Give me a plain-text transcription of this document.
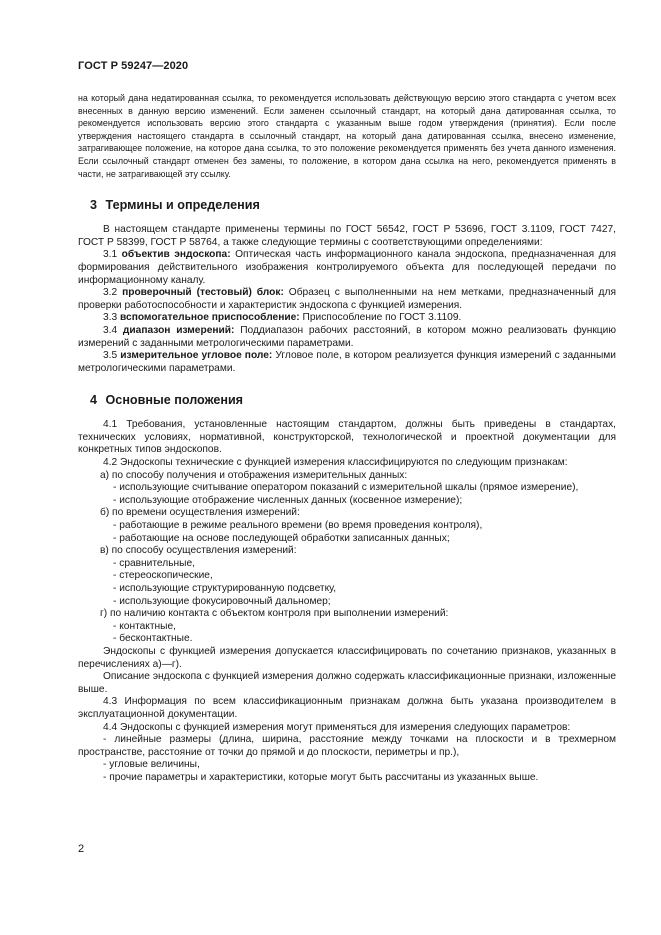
ГОСТ Р 59247—2020

на который дана недатированная ссылка, то рекомендуется использовать действующую версию этого стандарта с учетом всех внесенных в данную версию изменений. Если заменен ссылочный стандарт, на который дана датированная ссылка, то рекомендуется использовать версию этого стандарта с указанным выше годом утверждения (принятия). Если после утверждения настоящего стандарта в ссылочный стандарт, на который дана датированная ссылка, внесено изменение, затрагивающее положение, на которое дана ссылка, то это положение рекомендуется применять без учета данного изменения. Если ссылочный стандарт отменен без замены, то положение, в котором дана ссылка на него, рекомендуется применять в части, не затрагивающей эту ссылку.

3 Термины и определения

В настоящем стандарте применены термины по ГОСТ 56542, ГОСТ Р 53696, ГОСТ 3.1109, ГОСТ 7427, ГОСТ Р 58399, ГОСТ Р 58764, а также следующие термины с соответствующими определениями:

3.1 объектив эндоскопа: Оптическая часть информационного канала эндоскопа, предназначенная для формирования действительного изображения контролируемого объекта для последующей передачи по информационному каналу.

3.2 проверочный (тестовый) блок: Образец с выполненными на нем метками, предназначенный для проверки работоспособности и характеристик эндоскопа с функцией измерения.

3.3 вспомогательное приспособление: Приспособление по ГОСТ 3.1109.

3.4 диапазон измерений: Поддиапазон рабочих расстояний, в котором можно реализовать функцию измерений с заданными метрологическими параметрами.

3.5 измерительное угловое поле: Угловое поле, в котором реализуется функция измерений с заданными метрологическими параметрами.

4 Основные положения

4.1 Требования, установленные настоящим стандартом, должны быть приведены в стандартах, технических условиях, нормативной, конструкторской, технологической и проектной документации для конкретных типов эндоскопов.

4.2 Эндоскопы технические с функцией измерения классифицируются по следующим признакам:

а) по способу получения и отображения измерительных данных:

- использующие считывание оператором показаний с измерительной шкалы (прямое измерение),

- использующие отображение численных данных (косвенное измерение);

б) по времени осуществления измерений:

- работающие в режиме реального времени (во время проведения контроля),

- работающие на основе последующей обработки записанных данных;

в) по способу осуществления измерений:

- сравнительные,

- стереоскопические,

- использующие структурированную подсветку,

- использующие фокусировочный дальномер;

г) по наличию контакта с объектом контроля при выполнении измерений:

- контактные,

- бесконтактные.

Эндоскопы с функцией измерения допускается классифицировать по сочетанию признаков, указанных в перечислениях а)—г).

Описание эндоскопа с функцией измерения должно содержать классификационные признаки, изложенные выше.

4.3 Информация по всем классификационным признакам должна быть указана производителем в эксплуатационной документации.

4.4 Эндоскопы с функцией измерения могут применяться для измерения следующих параметров:

- линейные размеры (длина, ширина, расстояние между точками на плоскости и в трехмерном пространстве, расстояние от точки до прямой и до плоскости, периметры и пр.),

- угловые величины,

- прочие параметры и характеристики, которые могут быть рассчитаны из указанных выше.

2
